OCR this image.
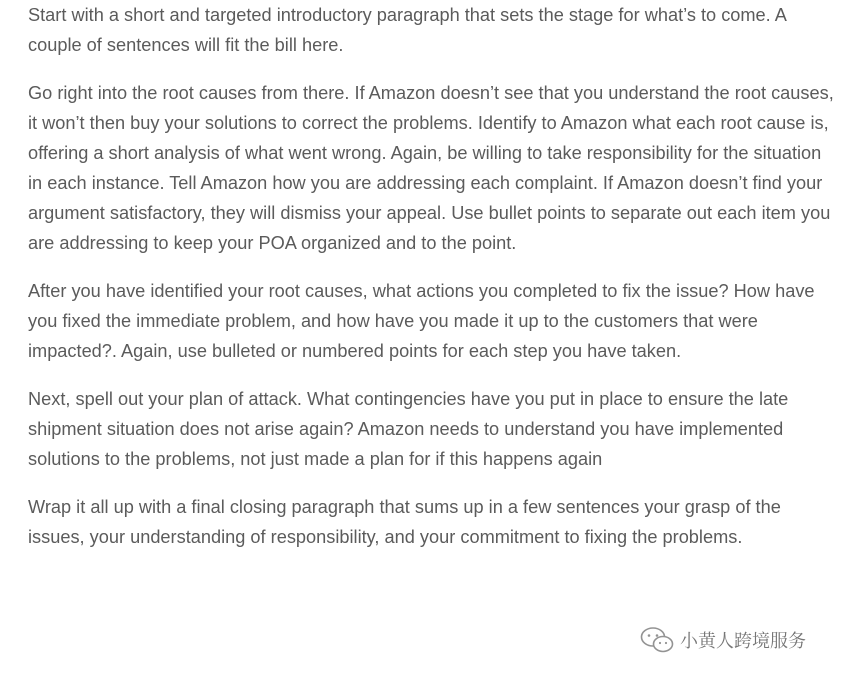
Start with a short and targeted introductory paragraph that sets the stage for what’s to come. A couple of sentences will fit the bill here.

Go right into the root causes from there. If Amazon doesn’t see that you understand the root causes, it won’t then buy your solutions to correct the problems. Identify to Amazon what each root cause is, offering a short analysis of what went wrong. Again, be willing to take responsibility for the situation in each instance. Tell Amazon how you are addressing each complaint. If Amazon doesn’t find your argument satisfactory, they will dismiss your appeal. Use bullet points to separate out each item you are addressing to keep your POA organized and to the point.

After you have identified your root causes, what actions you completed to fix the issue? How have you fixed the immediate problem, and how have you made it up to the customers that were impacted?. Again, use bulleted or numbered points for each step you have taken.

Next, spell out your plan of attack. What contingencies have you put in place to ensure the late shipment situation does not arise again? Amazon needs to understand you have implemented solutions to the problems, not just made a plan for if this happens again

Wrap it all up with a final closing paragraph that sums up in a few sentences your grasp of the issues, your understanding of responsibility, and your commitment to fixing the problems.

小黄人跨境服务
